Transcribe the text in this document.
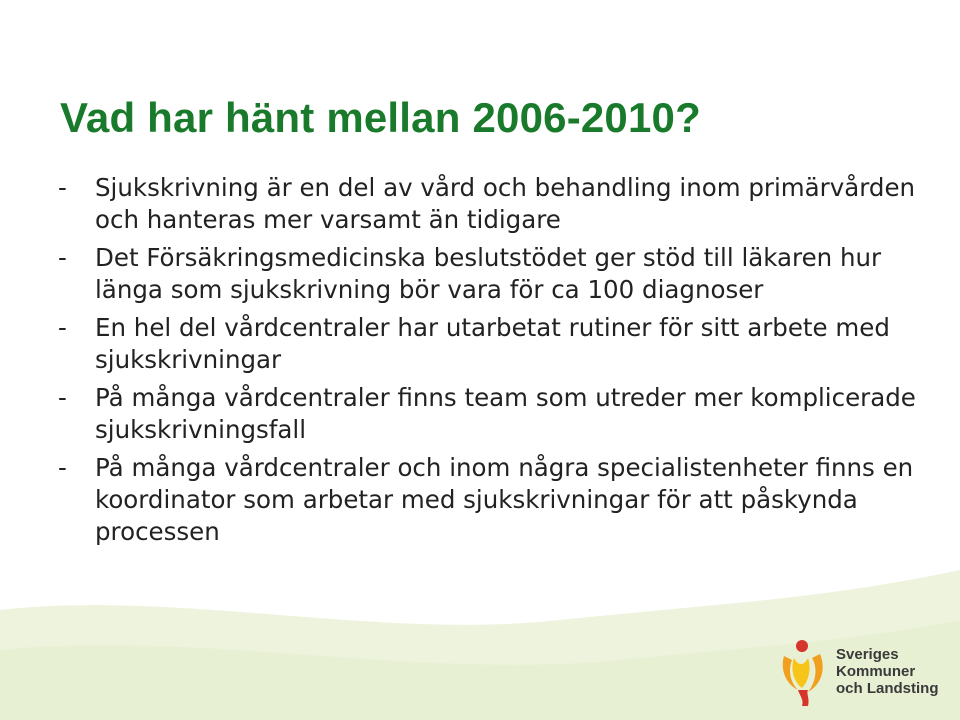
Vad har hänt mellan 2006-2010?
- Sjukskrivning är en del av vård och behandling inom primärvården och hanteras mer varsamt än tidigare
- Det Försäkringsmedicinska beslutstödet ger stöd till läkaren hur länga som sjukskrivning bör vara för ca 100 diagnoser
- En hel del vårdcentraler har utarbetat rutiner för sitt arbete med sjukskrivningar
- På många vårdcentraler finns team som utreder mer komplicerade sjukskrivningsfall
- På många vårdcentraler och inom några specialistenheter finns en koordinator som arbetar med sjukskrivningar för att påskynda processen
Sveriges
Kommuner
och Landsting
